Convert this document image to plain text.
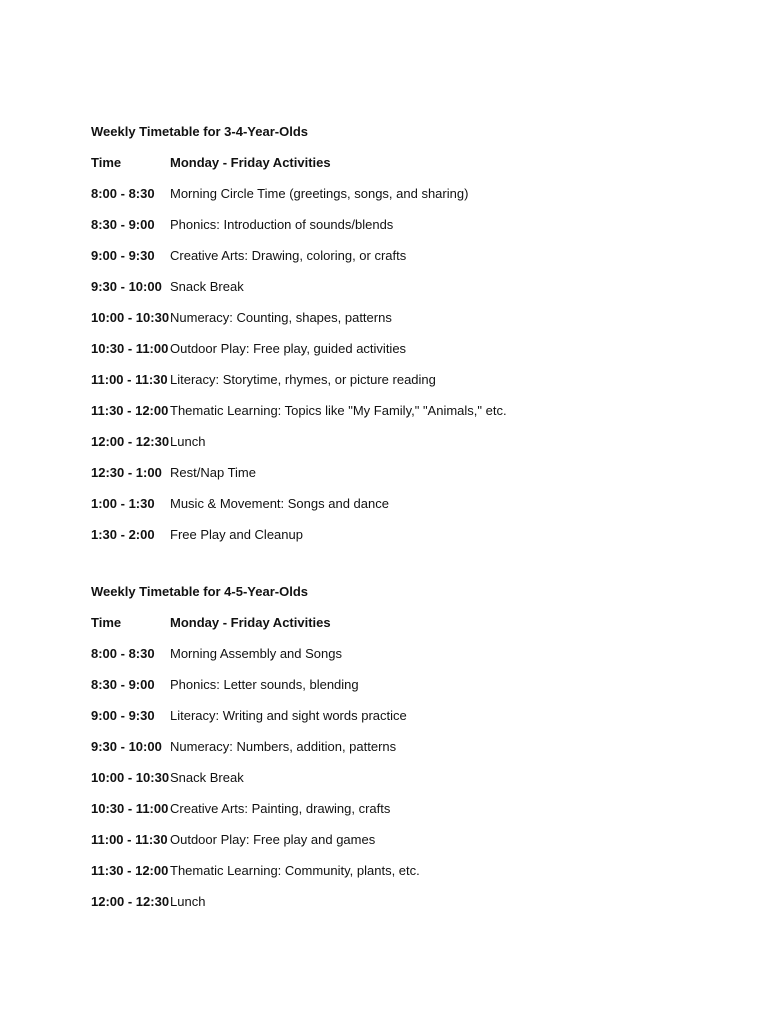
Weekly Timetable for 3-4-Year-Olds
Time	Monday - Friday Activities
8:00 - 8:30	Morning Circle Time (greetings, songs, and sharing)
8:30 - 9:00	Phonics: Introduction of sounds/blends
9:00 - 9:30	Creative Arts: Drawing, coloring, or crafts
9:30 - 10:00 Snack Break
10:00 - 10:30 Numeracy: Counting, shapes, patterns
10:30 - 11:00 Outdoor Play: Free play, guided activities
11:00 - 11:30 Literacy: Storytime, rhymes, or picture reading
11:30 - 12:00 Thematic Learning: Topics like "My Family," "Animals," etc.
12:00 - 12:30 Lunch
12:30 - 1:00 Rest/Nap Time
1:00 - 1:30	Music & Movement: Songs and dance
1:30 - 2:00	Free Play and Cleanup
Weekly Timetable for 4-5-Year-Olds
Time	Monday - Friday Activities
8:00 - 8:30	Morning Assembly and Songs
8:30 - 9:00	Phonics: Letter sounds, blending
9:00 - 9:30	Literacy: Writing and sight words practice
9:30 - 10:00 Numeracy: Numbers, addition, patterns
10:00 - 10:30 Snack Break
10:30 - 11:00 Creative Arts: Painting, drawing, crafts
11:00 - 11:30 Outdoor Play: Free play and games
11:30 - 12:00 Thematic Learning: Community, plants, etc.
12:00 - 12:30 Lunch
